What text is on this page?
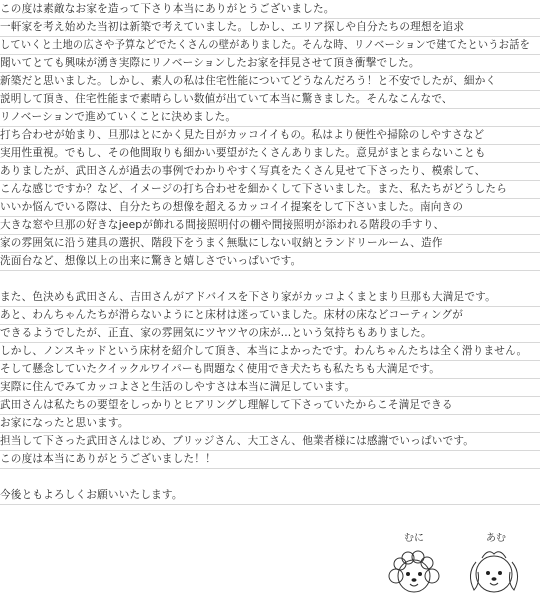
この度は素敵なお家を造って下さり本当にありがとうございました。
一軒家を考え始めた当初は新築で考えていました。しかし、エリア探しや自分たちの理想を追求
していくと土地の広さや予算などでたくさんの壁がありました。そんな時、リノベーションで建てたというお話を
聞いてとても興味が湧き実際にリノベーションしたお家を拝見させて頂き衝撃でした。
新築だと思いました。しかし、素人の私は住宅性能についてどうなんだろう！と不安でしたが、細かく
説明して頂き、住宅性能まで素晴らしい数値が出ていて本当に驚きました。そんなこんなで、
リノベーションで進めていくことに決めました。
打ち合わせが始まり、旦那はとにかく見た目がカッコイイもの。私はより便性や掃除のしやすさなど
実用性重視。でもし、その他間取りも細かい要望がたくさんありました。意見がまとまらないことも
ありましたが、武田さんが過去の事例でわかりやすく写真をたくさん見せて下さったり、模索して、
こんな感じですか？など、イメージの打ち合わせを細かくして下さいました。また、私たちがどうしたら
いいか悩んでいる際は、自分たちの想像を超えるカッコイイ提案をして下さいました。南向きの
大きな窓や旦那の好きなjeepが飾れる間接照明付の棚や間接照明が添われる階段の手すり、
家の雰囲気に沿う建具の選択、階段下をうまく無駄にしない収納とランドリールーム、造作
洗面台など、想像以上の出来に驚きと嬉しさでいっぱいです。
また、色決めも武田さん、吉田さんがアドバイスを下さり家がカッコよくまとまり旦那も大満足です。
あと、わんちゃんたちが滑らないようにと床材は迷っていました。床材の床などコーティングが
できるようでしたが、正直、家の雰囲気にツヤツヤの床が…という気持ちもありました。
しかし、ノンスキッドという床材を紹介して頂き、本当によかったです。わんちゃんたちは全く滑りません。
そして懸念していたクイックルワイパーも問題なく使用でき犬たちも私たちも大満足です。
実際に住んでみてカッコよさと生活のしやすさは本当に満足しています。
武田さんは私たちの要望をしっかりとヒアリングし理解して下さっていたからこそ満足できる
お家になったと思います。
担当して下さった武田さんはじめ、ブリッジさん、大工さん、他業者様には感謝でいっぱいです。
この度は本当にありがとうございました！！
今後ともよろしくお願いいたします。
むに	あむ
